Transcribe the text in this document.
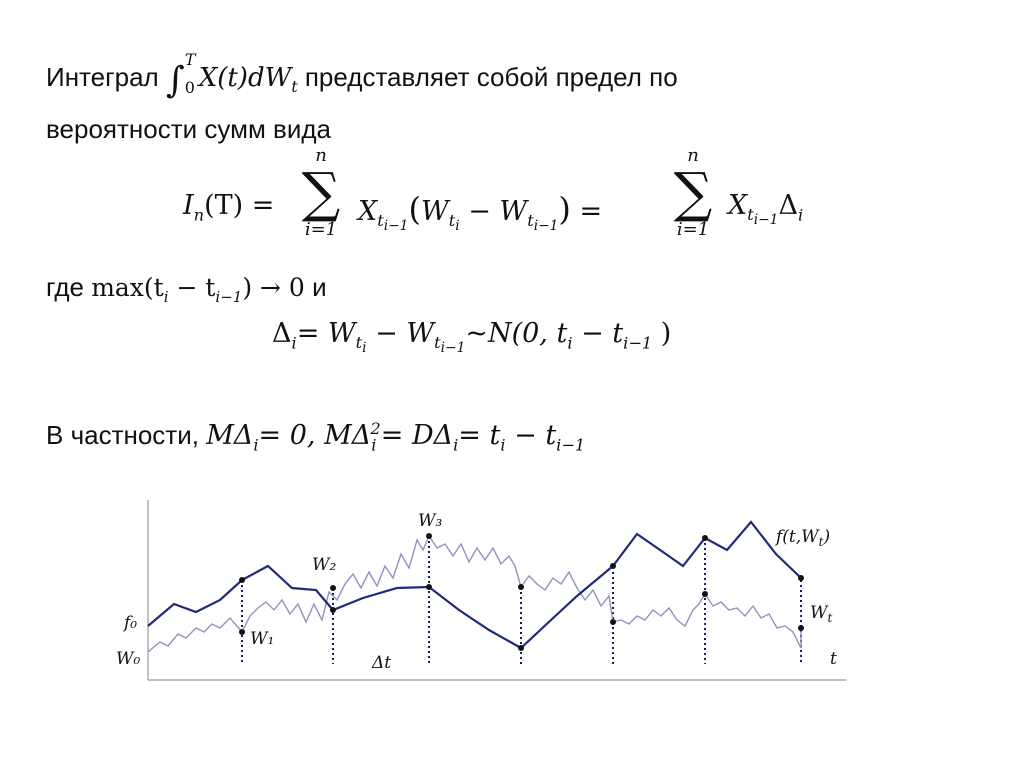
Интеграл ∫
T
0 $X(t)dW_t$ представляет собой предел по
вероятности сумм вида
$I_n(T)$ =
n
∑
i=1
$X_{t_{i-1}}(W_{t_i} - W_{t_{i-1}})$ =
n
∑
i=1
$X_{t_{i-1}}\Delta_i$
где $\max(t_i - t_{i-1}) \to 0$ и
$\Delta_i= W_{t_i}$ − $W_{t_{i-1}}\sim N(0$, $t_i - t_{i-1}$ )
В частности, $M\Delta_i= 0$, $M\Delta_i^2= D\Delta_i= t_i - t_{i-1}$
f₀
W₀
W₁
W₂
W₃
$W_t$
$f(t,W_t)$
Δt	t
